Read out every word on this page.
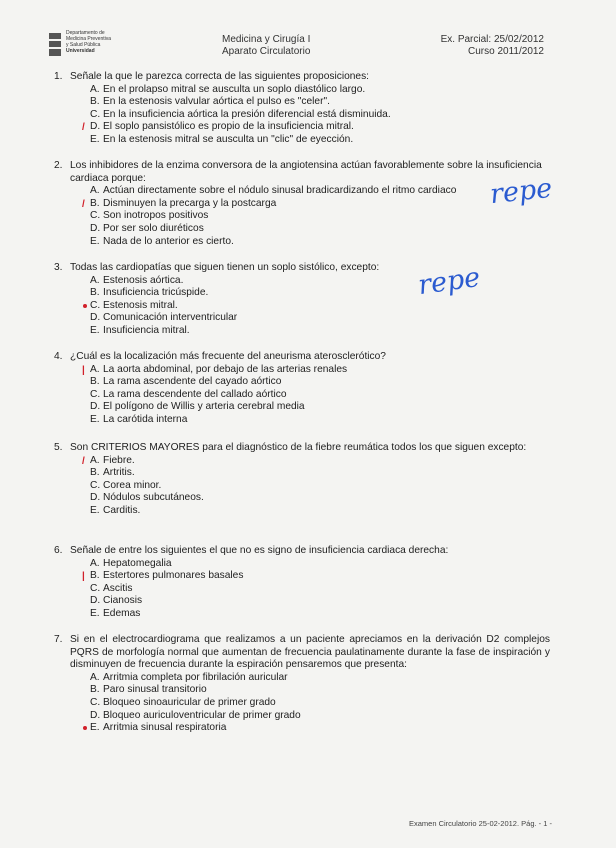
Departamento de
Medicina Preventiva
y Salud Pública
Universidad
Medicina y Cirugía I
Aparato Circulatorio
Ex. Parcial: 25/02/2012
Curso 2011/2012
1. Señale la que le parezca correcta de las siguientes proposiciones:
A. En el prolapso mitral se ausculta un soplo diastólico largo.
B. En la estenosis valvular aórtica el pulso es "celer".
C. En la insuficiencia aórtica la presión diferencial está disminuida.
/ D. El soplo pansistólico es propio de la insuficiencia mitral.
E. En la estenosis mitral se ausculta un "clic" de eyección.
2. Los inhibidores de la enzima conversora de la angiotensina actúan favorablemente sobre la insuficiencia cardiaca porque:
A. Actúan directamente sobre el nódulo sinusal bradicardizando el ritmo cardiaco
/ B. Disminuyen la precarga y la postcarga
C. Son inotropos positivos
D. Por ser solo diuréticos
E. Nada de lo anterior es cierto.
3. Todas las cardiopatías que siguen tienen un soplo sistólico, excepto:
A. Estenosis aórtica.
B. Insuficiencia tricúspide.
C. Estenosis mitral.
D. Comunicación interventricular
E. Insuficiencia mitral.
4. ¿Cuál es la localización más frecuente del aneurisma aterosclerótico?
| A. La aorta abdominal, por debajo de las arterias renales
B. La rama ascendente del cayado aórtico
C. La rama descendente del callado aórtico
D. El polígono de Willis y arteria cerebral media
E. La carótida interna
5. Son CRITERIOS MAYORES para el diagnóstico de la fiebre reumática todos los que siguen excepto:
/ A. Fiebre.
B. Artritis.
C. Corea minor.
D. Nódulos subcutáneos.
E. Carditis.
6. Señale de entre los siguientes el que no es signo de insuficiencia cardiaca derecha:
A. Hepatomegalia
| B. Estertores pulmonares basales
C. Ascitis
D. Cianosis
E. Edemas
7. Si en el electrocardiograma que realizamos a un paciente apreciamos en la derivación D2 complejos PQRS de morfología normal que aumentan de frecuencia paulatinamente durante la fase de inspiración y disminuyen de frecuencia durante la espiración pensaremos que presenta:
A. Arritmia completa por fibrilación auricular
B. Paro sinusal transitorio
C. Bloqueo sinoauricular de primer grado
D. Bloqueo auriculoventricular de primer grado
E. Arritmia sinusal respiratoria
repe
repe
Examen Circulatorio 25-02-2012. Pág. - 1 -
